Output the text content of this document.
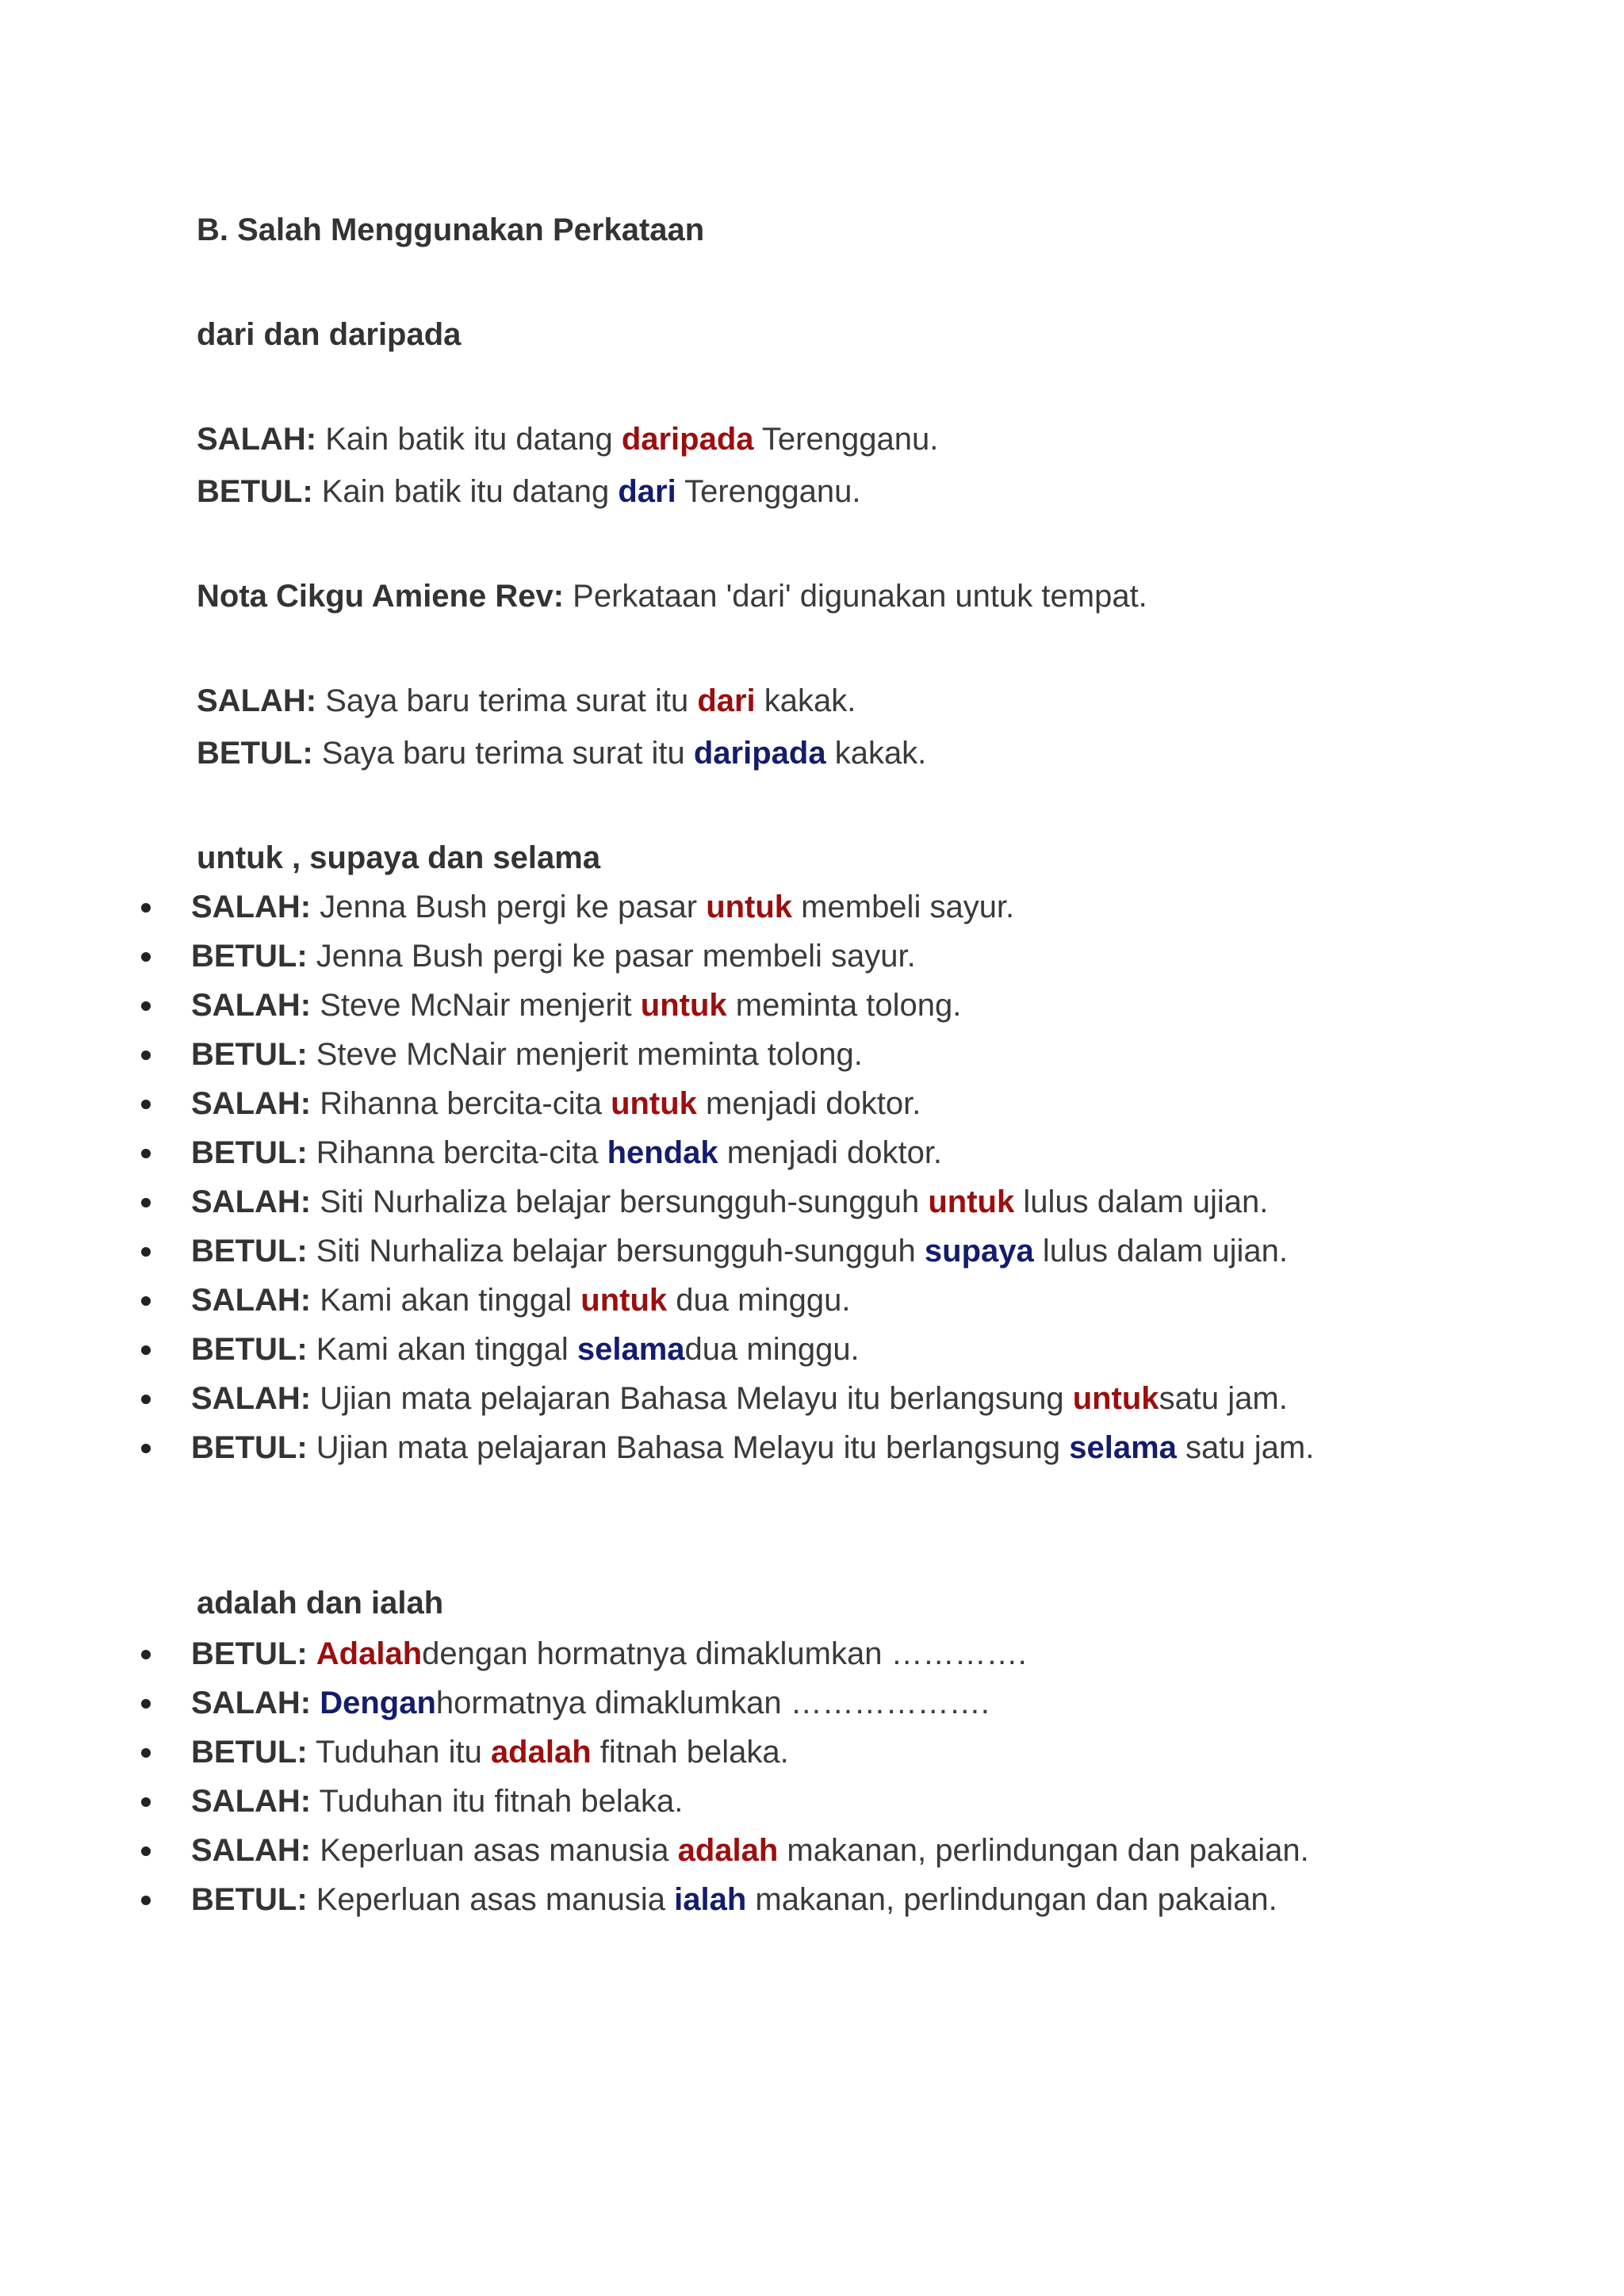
B. Salah Menggunakan Perkataan
dari dan daripada
SALAH: Kain batik itu datang daripada Terengganu.
BETUL: Kain batik itu datang dari Terengganu.
Nota Cikgu Amiene Rev: Perkataan 'dari' digunakan untuk tempat.
SALAH: Saya baru terima surat itu dari kakak.
BETUL: Saya baru terima surat itu daripada kakak.
untuk , supaya dan selama
SALAH: Jenna Bush pergi ke pasar untuk membeli sayur.
BETUL: Jenna Bush pergi ke pasar membeli sayur.
SALAH: Steve McNair menjerit untuk meminta tolong.
BETUL: Steve McNair menjerit meminta tolong.
SALAH: Rihanna bercita-cita untuk menjadi doktor.
BETUL: Rihanna bercita-cita hendak menjadi doktor.
SALAH: Siti Nurhaliza belajar bersungguh-sungguh untuk lulus dalam ujian.
BETUL: Siti Nurhaliza belajar bersungguh-sungguh supaya lulus dalam ujian.
SALAH: Kami akan tinggal untuk dua minggu.
BETUL: Kami akan tinggal selamadua minggu.
SALAH: Ujian mata pelajaran Bahasa Melayu itu berlangsung untuksatu jam.
BETUL: Ujian mata pelajaran Bahasa Melayu itu berlangsung selama satu jam.
adalah dan ialah
BETUL: Adalahdengan hormatnya dimaklumkan ………….
SALAH: Denganhormatnya dimaklumkan ……………….
BETUL: Tuduhan itu adalah fitnah belaka.
SALAH: Tuduhan itu fitnah belaka.
SALAH: Keperluan asas manusia adalah makanan, perlindungan dan pakaian.
BETUL: Keperluan asas manusia ialah makanan, perlindungan dan pakaian.
